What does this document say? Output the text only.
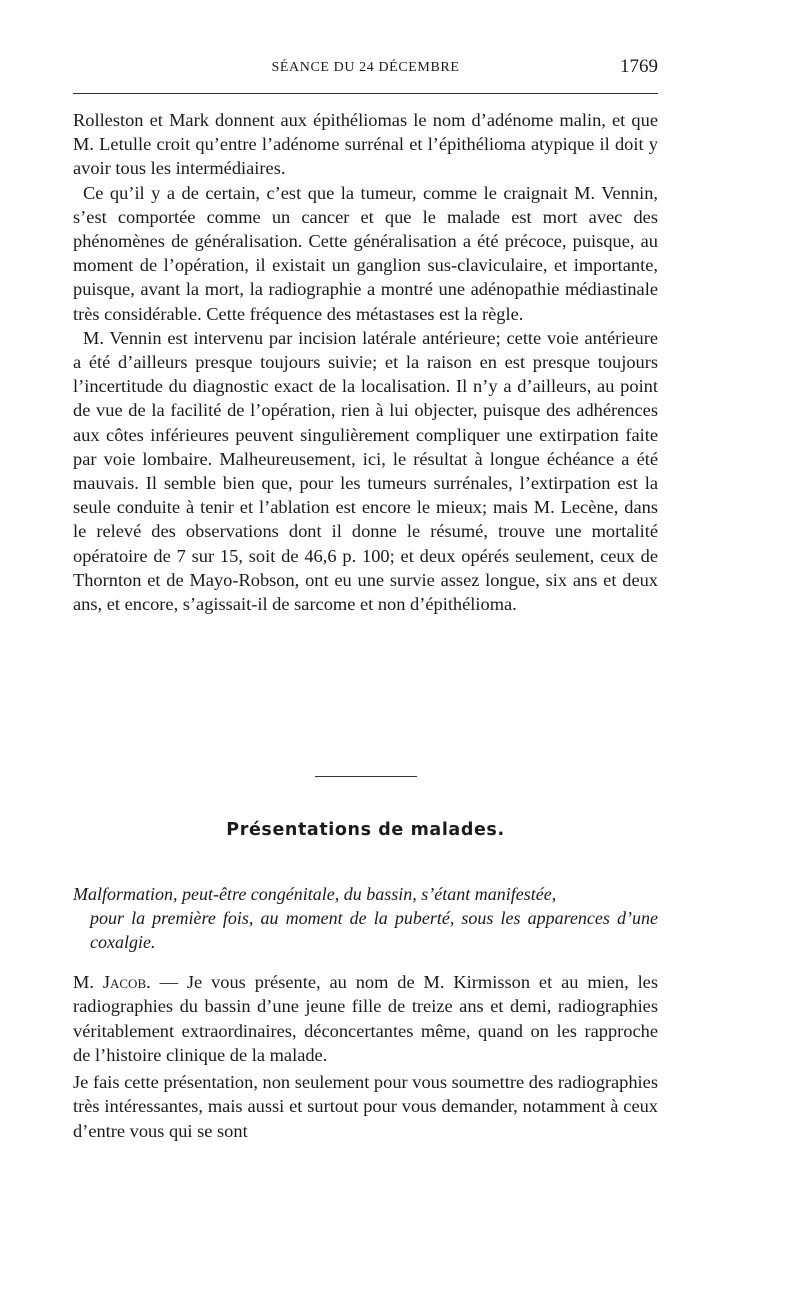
SÉANCE DU 24 DÉCEMBRE	1769

Rolleston et Mark donnent aux épithéliomas le nom d’adénome malin, et que M. Letulle croit qu’entre l’adénome surrénal et l’épithélioma atypique il doit y avoir tous les intermédiaires.

Ce qu’il y a de certain, c’est que la tumeur, comme le craignait M. Vennin, s’est comportée comme un cancer et que le malade est mort avec des phénomènes de généralisation. Cette généralisation a été précoce, puisque, au moment de l’opération, il existait un ganglion sus-claviculaire, et importante, puisque, avant la mort, la radiographie a montré une adénopathie médiastinale très considérable. Cette fréquence des métastases est la règle.

M. Vennin est intervenu par incision latérale antérieure; cette voie antérieure a été d’ailleurs presque toujours suivie; et la raison en est presque toujours l’incertitude du diagnostic exact de la localisation. Il n’y a d’ailleurs, au point de vue de la facilité de l’opération, rien à lui objecter, puisque des adhérences aux côtes inférieures peuvent singulièrement compliquer une extirpation faite par voie lombaire. Malheureusement, ici, le résultat à longue échéance a été mauvais. Il semble bien que, pour les tumeurs surrénales, l’extirpation est la seule conduite à tenir et l’ablation est encore le mieux; mais M. Lecène, dans le relevé des observations dont il donne le résumé, trouve une mortalité opératoire de 7 sur 15, soit de 46,6 p. 100; et deux opérés seulement, ceux de Thornton et de Mayo-Robson, ont eu une survie assez longue, six ans et deux ans, et encore, s’agissait-il de sarcome et non d’épithélioma.

Présentations de malades.
Malformation, peut-être congénitale, du bassin, s’étant manifestée,
pour la première fois, au moment de la puberté, sous les apparences d’une coxalgie.

M. Jacob. — Je vous présente, au nom de M. Kirmisson et au mien, les radiographies du bassin d’une jeune fille de treize ans et demi, radiographies véritablement extraordinaires, déconcertantes même, quand on les rapproche de l’histoire clinique de la malade.

Je fais cette présentation, non seulement pour vous soumettre des radiographies très intéressantes, mais aussi et surtout pour vous demander, notamment à ceux d’entre vous qui se sont
